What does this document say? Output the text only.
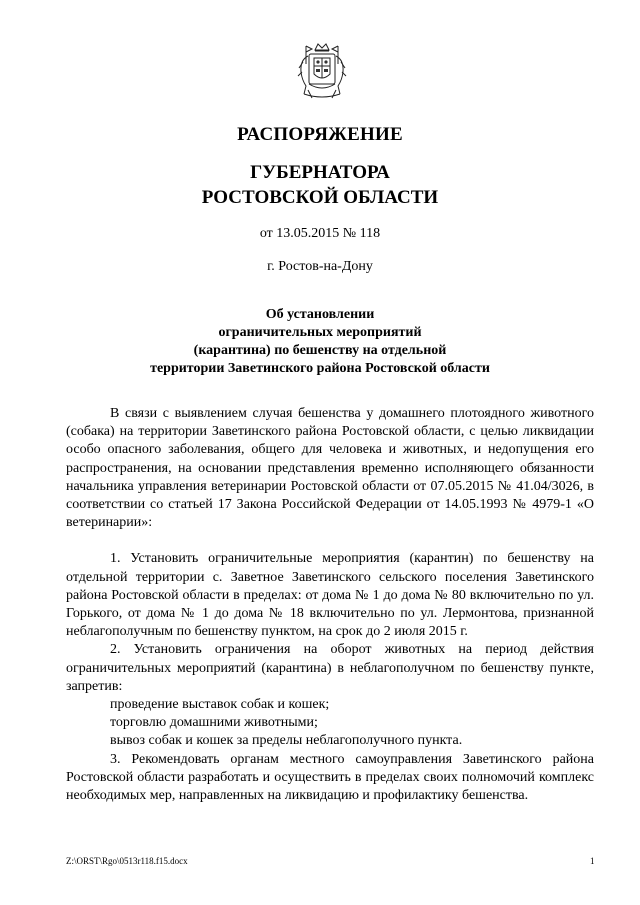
РАСПОРЯЖЕНИЕ
ГУБЕРНАТОРА
РОСТОВСКОЙ ОБЛАСТИ
от 13.05.2015 № 118
г. Ростов-на-Дону
Об установлении
ограничительных мероприятий
(карантина) по бешенству на отдельной
территории Заветинского района Ростовской области

В связи с выявлением случая бешенства у домашнего плотоядного животного (собака) на территории Заветинского района Ростовской области, с целью ликвидации особо опасного заболевания, общего для человека и животных, и недопущения его распространения, на основании представления временно исполняющего обязанности начальника управления ветеринарии Ростовской области от 07.05.2015 № 41.04/3026, в соответствии со статьей 17 Закона Российской Федерации от 14.05.1993 № 4979-1 «О ветеринарии»:

1. Установить ограничительные мероприятия (карантин) по бешенству на отдельной территории с. Заветное Заветинского сельского поселения Заветинского района Ростовской области в пределах: от дома № 1 до дома № 80 включительно по ул. Горького, от дома № 1 до дома № 18 включительно по ул. Лермонтова, признанной неблагополучным по бешенству пунктом, на срок до 2 июля 2015 г.

2. Установить ограничения на оборот животных на период действия ограничительных мероприятий (карантина) в неблагополучном по бешенству пункте, запретив:

проведение выставок собак и кошек;

торговлю домашними животными;

вывоз собак и кошек за пределы неблагополучного пункта.

3. Рекомендовать органам местного самоуправления Заветинского района Ростовской области разработать и осуществить в пределах своих полномочий комплекс необходимых мер, направленных на ликвидацию и профилактику бешенства.

Z:\ORST\Rgo\0513r118.f15.docx	1
